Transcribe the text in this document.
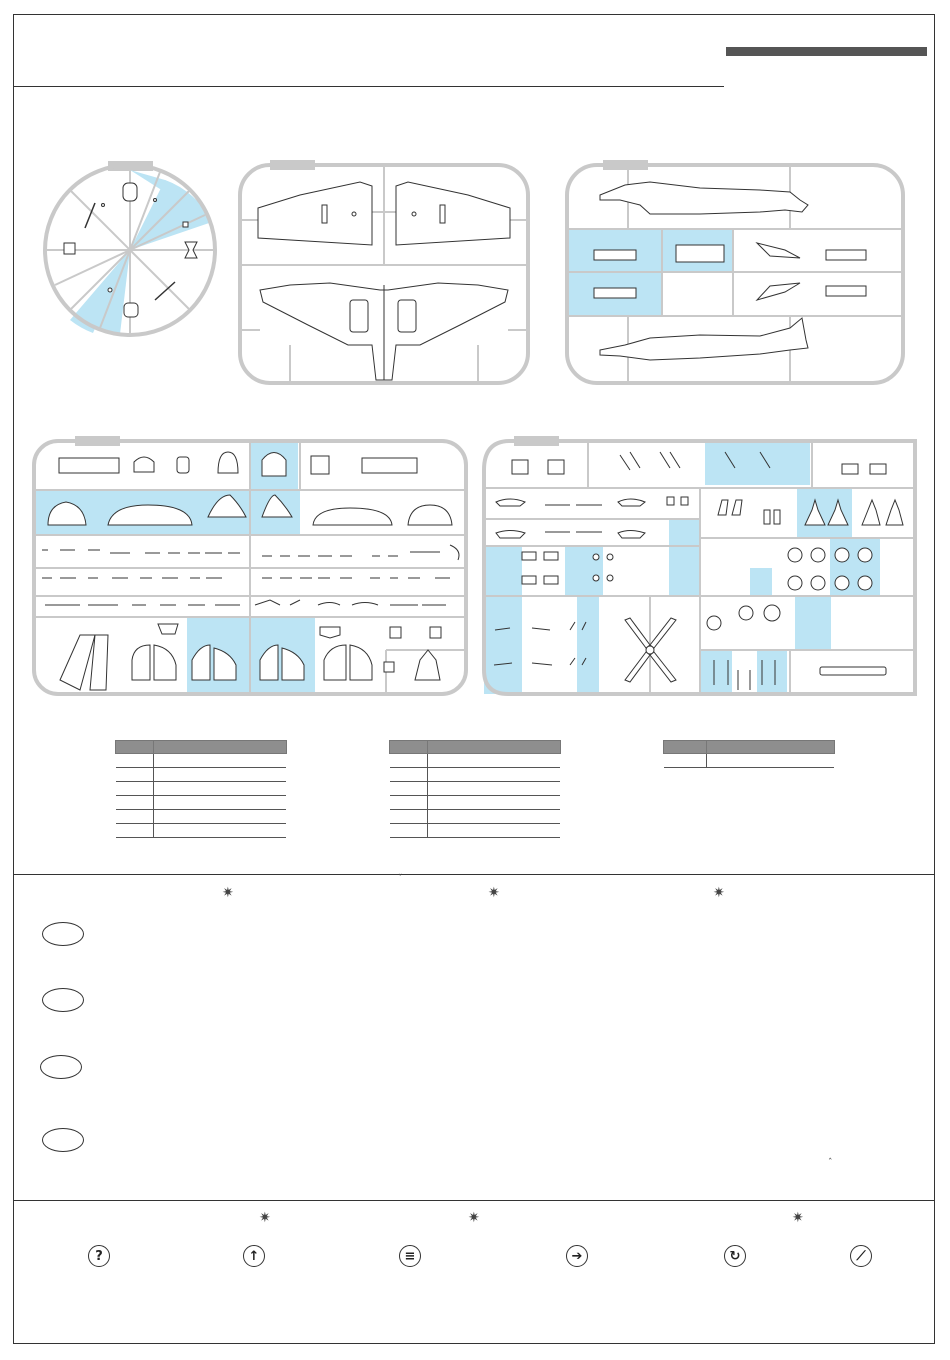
✷
ˇ
✷	✷
ˆ
✷	✷	✷
?	↑	≡	➔	↻	⟋
